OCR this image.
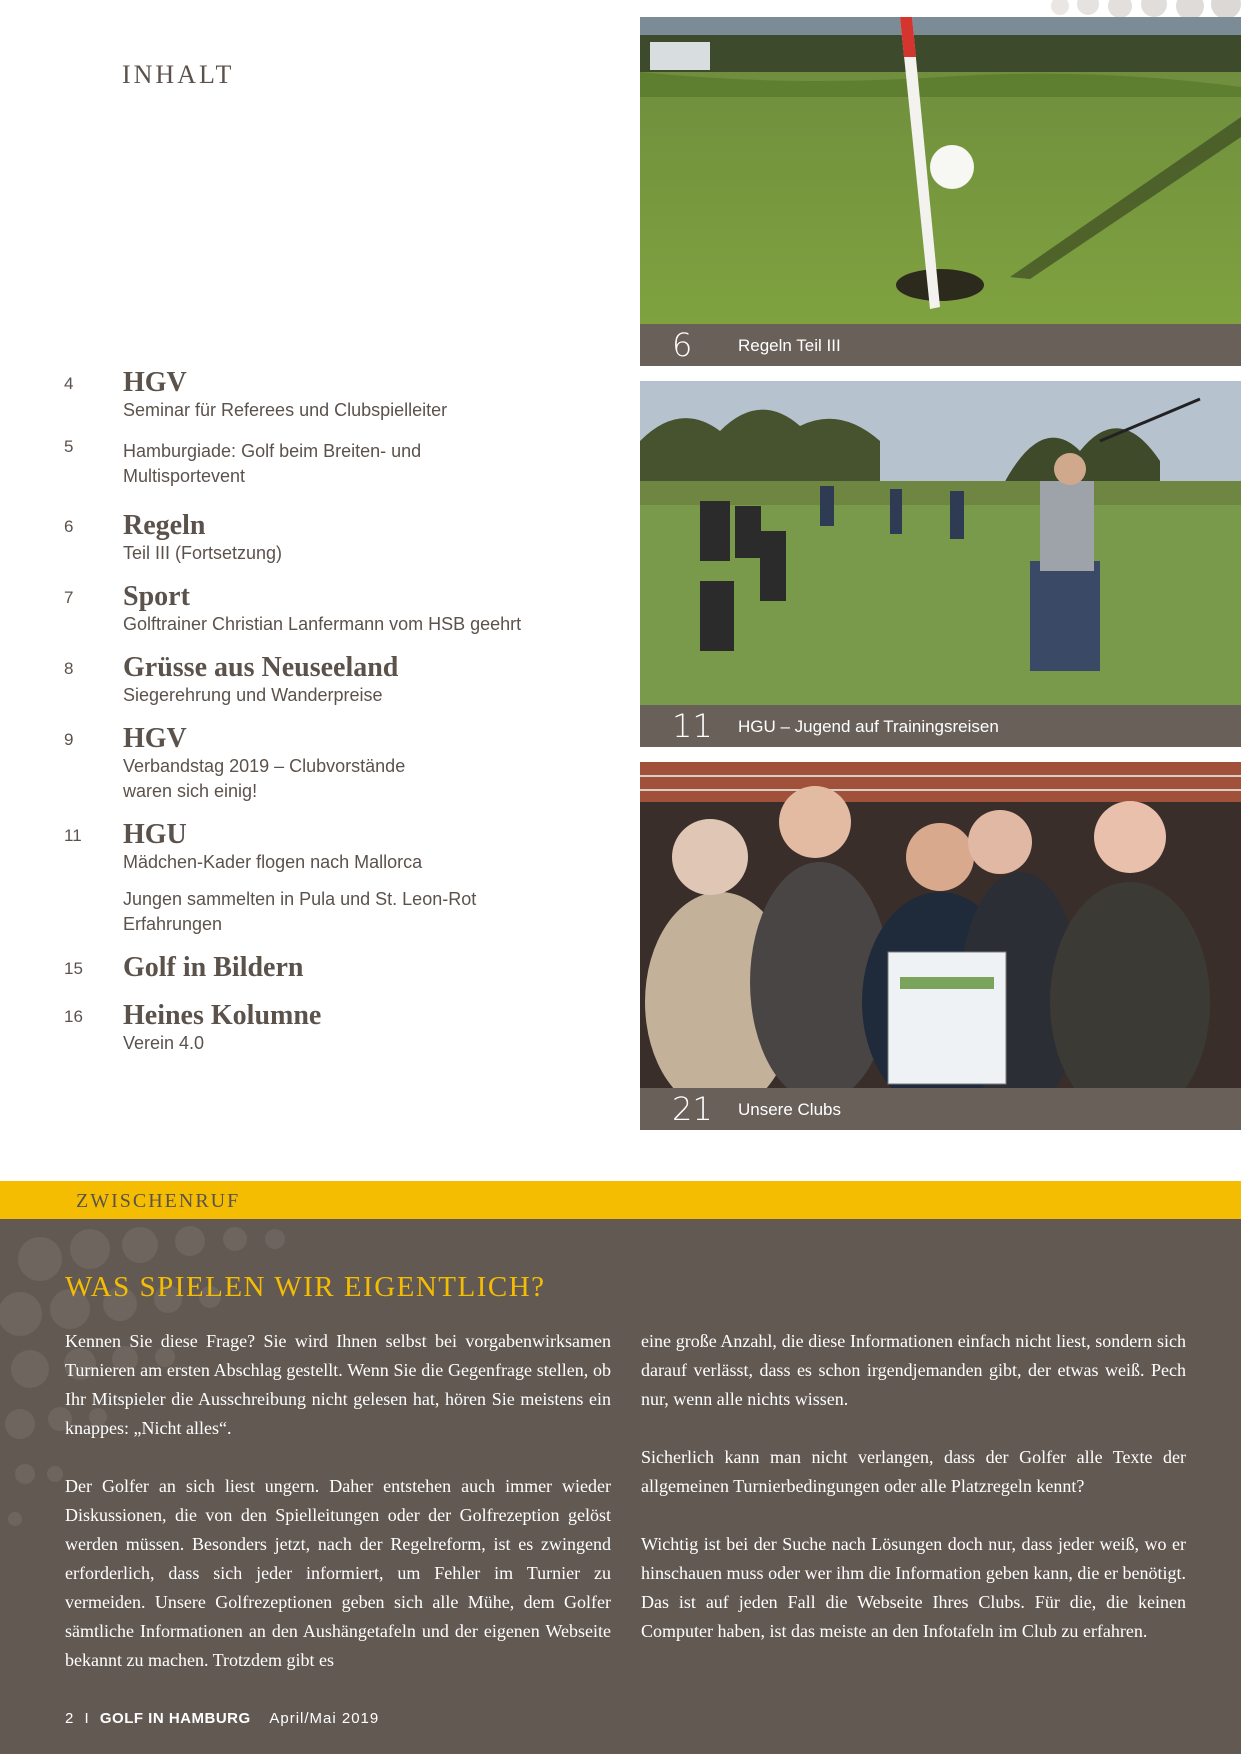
INHALT
4 HGV
Seminar für Referees und Clubspielleiter
5	Hamburgiade: Golf beim Breiten- und Multisportevent
6 Regeln
Teil III (Fortsetzung)
7 Sport
Golftrainer Christian Lanfermann vom HSB geehrt
8 Grüsse aus Neuseeland
Siegerehrung und Wanderpreise
9 HGV
Verbandstag 2019 – Clubvorstände waren sich einig!
11 HGU
Mädchen-Kader flogen nach Mallorca
Jungen sammelten in Pula und St. Leon-Rot Erfahrungen
15 Golf in Bildern
16 Heines Kolumne
Verein 4.0
6	Regeln Teil III
11 HGU – Jugend auf Trainingsreisen
21 Unsere Clubs
ZWISCHENRUF
WAS SPIELEN WIR EIGENTLICH?

Kennen Sie diese Frage? Sie wird Ihnen selbst bei vorgabenwirksamen Turnieren am ersten Abschlag gestellt. Wenn Sie die Gegenfrage stellen, ob Ihr Mitspieler die Ausschreibung nicht gelesen hat, hören Sie meistens ein knappes: „Nicht alles“.

Der Golfer an sich liest ungern. Daher entstehen auch immer wieder Diskussionen, die von den Spielleitungen oder der Golfrezeption gelöst werden müssen. Besonders jetzt, nach der Regelreform, ist es zwingend erforderlich, dass sich jeder informiert, um Fehler im Turnier zu vermeiden. Unsere Golfrezeptionen geben sich alle Mühe, dem Golfer sämtliche Informationen an den Aushängetafeln und der eigenen Webseite bekannt zu machen. Trotzdem gibt es

eine große Anzahl, die diese Informationen einfach nicht liest, sondern sich darauf verlässt, dass es schon irgendjemanden gibt, der etwas weiß. Pech nur, wenn alle nichts wissen.

Sicherlich kann man nicht verlangen, dass der Golfer alle Texte der allgemeinen Turnierbedingungen oder alle Platzregeln kennt?

Wichtig ist bei der Suche nach Lösungen doch nur, dass jeder weiß, wo er hinschauen muss oder wer ihm die Information geben kann, die er benötigt. Das ist auf jeden Fall die Webseite Ihres Clubs. Für die, die keinen Computer haben, ist das meiste an den Infotafeln im Club zu erfahren.

2 I GOLF IN HAMBURG April/Mai 2019
